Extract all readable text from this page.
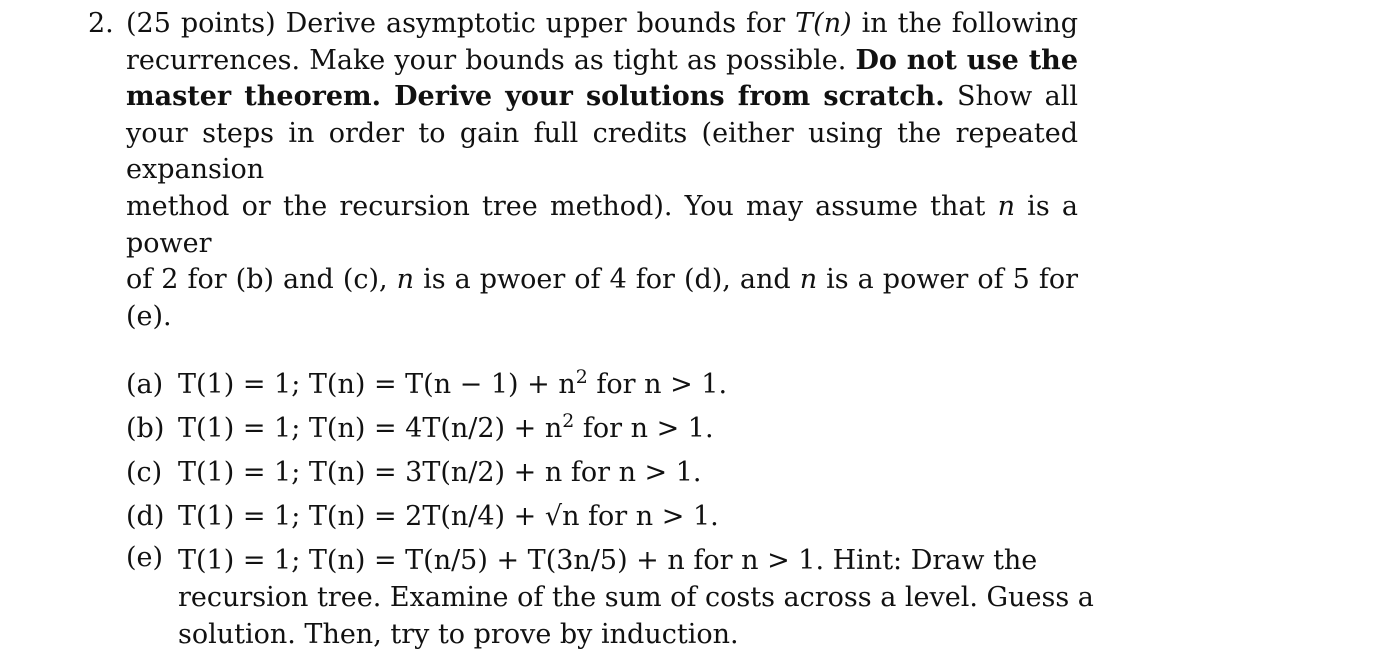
2. (25 points) Derive asymptotic upper bounds for T(n) in the following
recurrences. Make your bounds as tight as possible. Do not use the
master theorem. Derive your solutions from scratch. Show all
your steps in order to gain full credits (either using the repeated expansion
method or the recursion tree method). You may assume that n is a power
of 2 for (b) and (c), n is a pwoer of 4 for (d), and n is a power of 5 for (e).
(a) T(1) = 1; $T(n) = T(n - 1) + n^2$ for n > 1.
(b) T(1) = 1; $T(n) = 4T(n/2) + n^2$ for n > 1.
(c) T(1) = 1; T(n) = 3T(n/2) + n for n > 1.
(d) T(1) = 1; T(n) = 2T(n/4) + √n for n > 1.
(e) T(1) = 1; T(n) = T(n/5) + T(3n/5) + n for n > 1. Hint: Draw the
recursion tree. Examine of the sum of costs across a level. Guess a
solution. Then, try to prove by induction.
